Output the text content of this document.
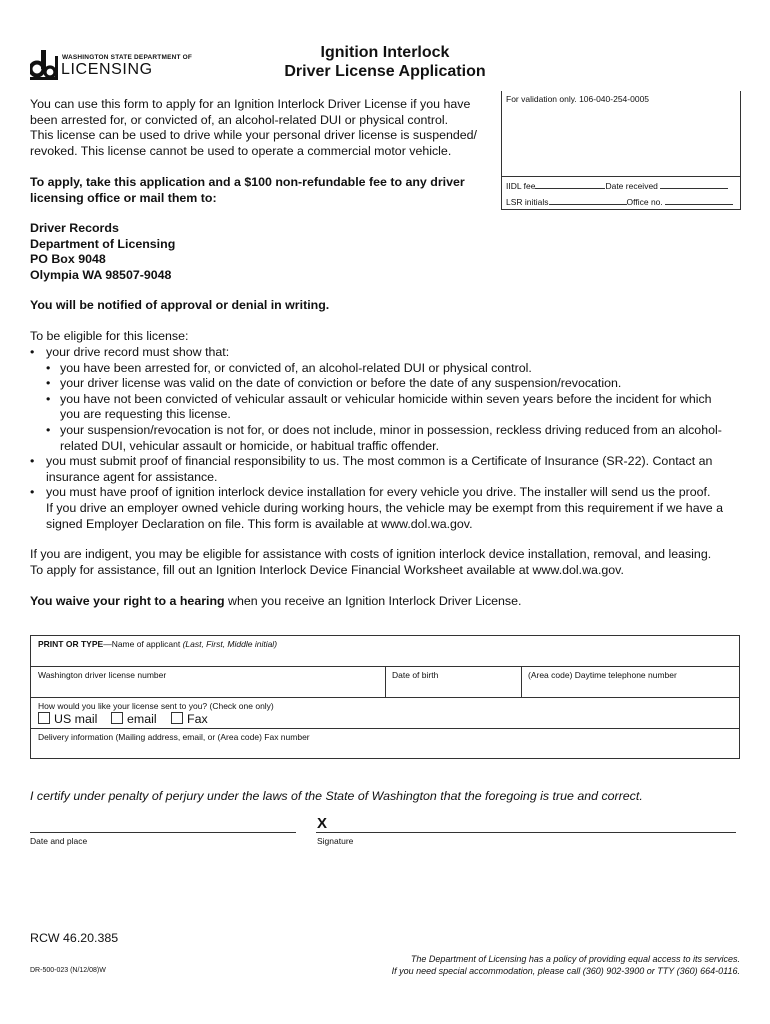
WASHINGTON STATE DEPARTMENT OF
LICENSING
Ignition Interlock
Driver License Application
For validation only. 106-040-254-0005
IIDL fee	Date received
LSR initials	Office no.
You can use this form to apply for an Ignition Interlock Driver License if you have
been arrested for, or convicted of, an alcohol-related DUI or physical control.
This license can be used to drive while your personal driver license is suspended/
revoked. This license cannot be used to operate a commercial motor vehicle.
To apply, take this application and a $100 non-refundable fee to any driver
licensing office or mail them to:
Driver Records
Department of Licensing
PO Box 9048
Olympia WA 98507-9048
You will be notified of approval or denial in writing.
To be eligible for this license:
• your drive record must show that:
• you have been arrested for, or convicted of, an alcohol-related DUI or physical control.
• your driver license was valid on the date of conviction or before the date of any suspension/revocation.
• you have not been convicted of vehicular assault or vehicular homicide within seven years before the incident for which
you are requesting this license.
• your suspension/revocation is not for, or does not include, minor in possession, reckless driving reduced from an alcohol-
related DUI, vehicular assault or homicide, or habitual traffic offender.
• you must submit proof of financial responsibility to us. The most common is a Certificate of Insurance (SR-22). Contact an
insurance agent for assistance.
• you must have proof of ignition interlock device installation for every vehicle you drive. The installer will send us the proof.
If you drive an employer owned vehicle during working hours, the vehicle may be exempt from this requirement if we have a
signed Employer Declaration on file. This form is available at www.dol.wa.gov.
If you are indigent, you may be eligible for assistance with costs of ignition interlock device installation, removal, and leasing.
To apply for assistance, fill out an Ignition Interlock Device Financial Worksheet available at www.dol.wa.gov.
You waive your right to a hearing when you receive an Ignition Interlock Driver License.
PRINT OR TYPE—Name of applicant (Last, First, Middle initial)
Washington driver license number	Date of birth	(Area code) Daytime telephone number
How would you like your license sent to you? (Check one only)
US mail	email	Fax
Delivery information (Mailing address, email, or (Area code) Fax number
I certify under penalty of perjury under the laws of the State of Washington that the foregoing is true and correct.
Date and place
X
Signature
RCW 46.20.385
DR-500-023 (N/12/08)W
The Department of Licensing has a policy of providing equal access to its services.
If you need special accommodation, please call (360) 902-3900 or TTY (360) 664-0116.
